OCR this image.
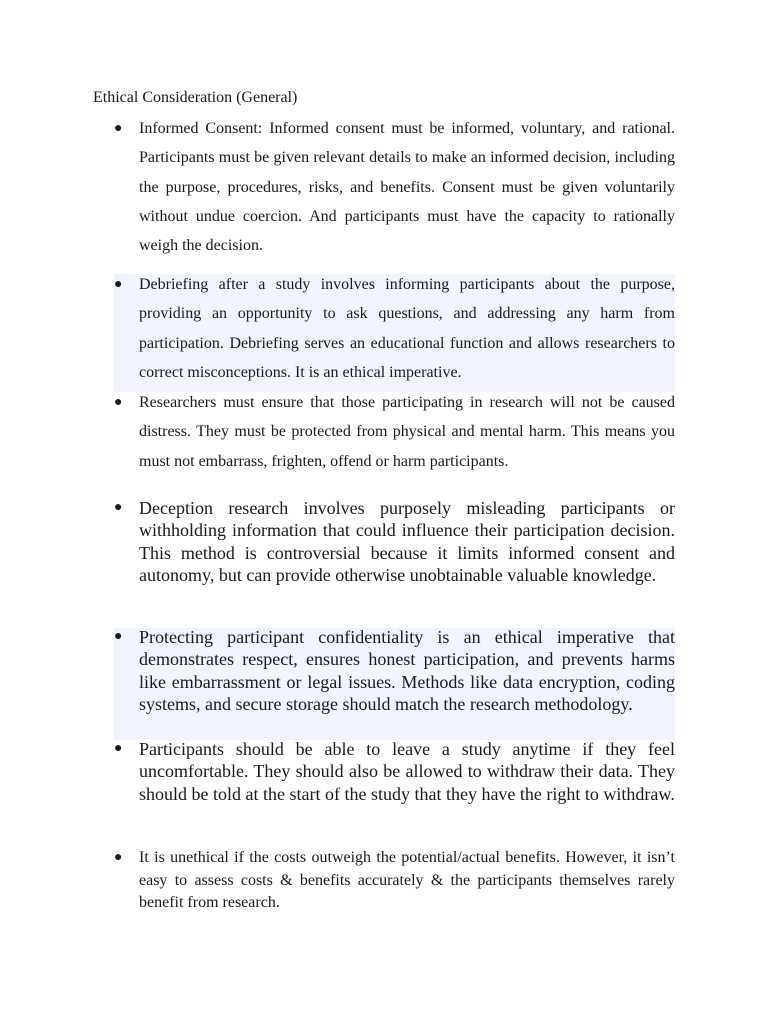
Ethical Consideration (General)
●	Informed Consent: Informed consent must be informed, voluntary, and rational. Participants must be given relevant details to make an informed decision, including the purpose, procedures, risks, and benefits. Consent must be given voluntarily without undue coercion. And participants must have the capacity to rationally weigh the decision.
●	Debriefing after a study involves informing participants about the purpose, providing an opportunity to ask questions, and addressing any harm from participation. Debriefing serves an educational function and allows researchers to correct misconceptions. It is an ethical imperative.
●	Researchers must ensure that those participating in research will not be caused distress. They must be protected from physical and mental harm. This means you must not embarrass, frighten, offend or harm participants.
● Deception research involves purposely misleading participants or withholding information that could influence their participation decision. This method is controversial because it limits informed consent and autonomy, but can provide otherwise unobtainable valuable knowledge.
● Protecting participant confidentiality is an ethical imperative that demonstrates respect, ensures honest participation, and prevents harms like embarrassment or legal issues. Methods like data encryption, coding systems, and secure storage should match the research methodology.
● Participants should be able to leave a study anytime if they feel uncomfortable. They should also be allowed to withdraw their data. They should be told at the start of the study that they have the right to withdraw.
●	It is unethical if the costs outweigh the potential/actual benefits. However, it isn’t easy to assess costs & benefits accurately & the participants themselves rarely benefit from research.
